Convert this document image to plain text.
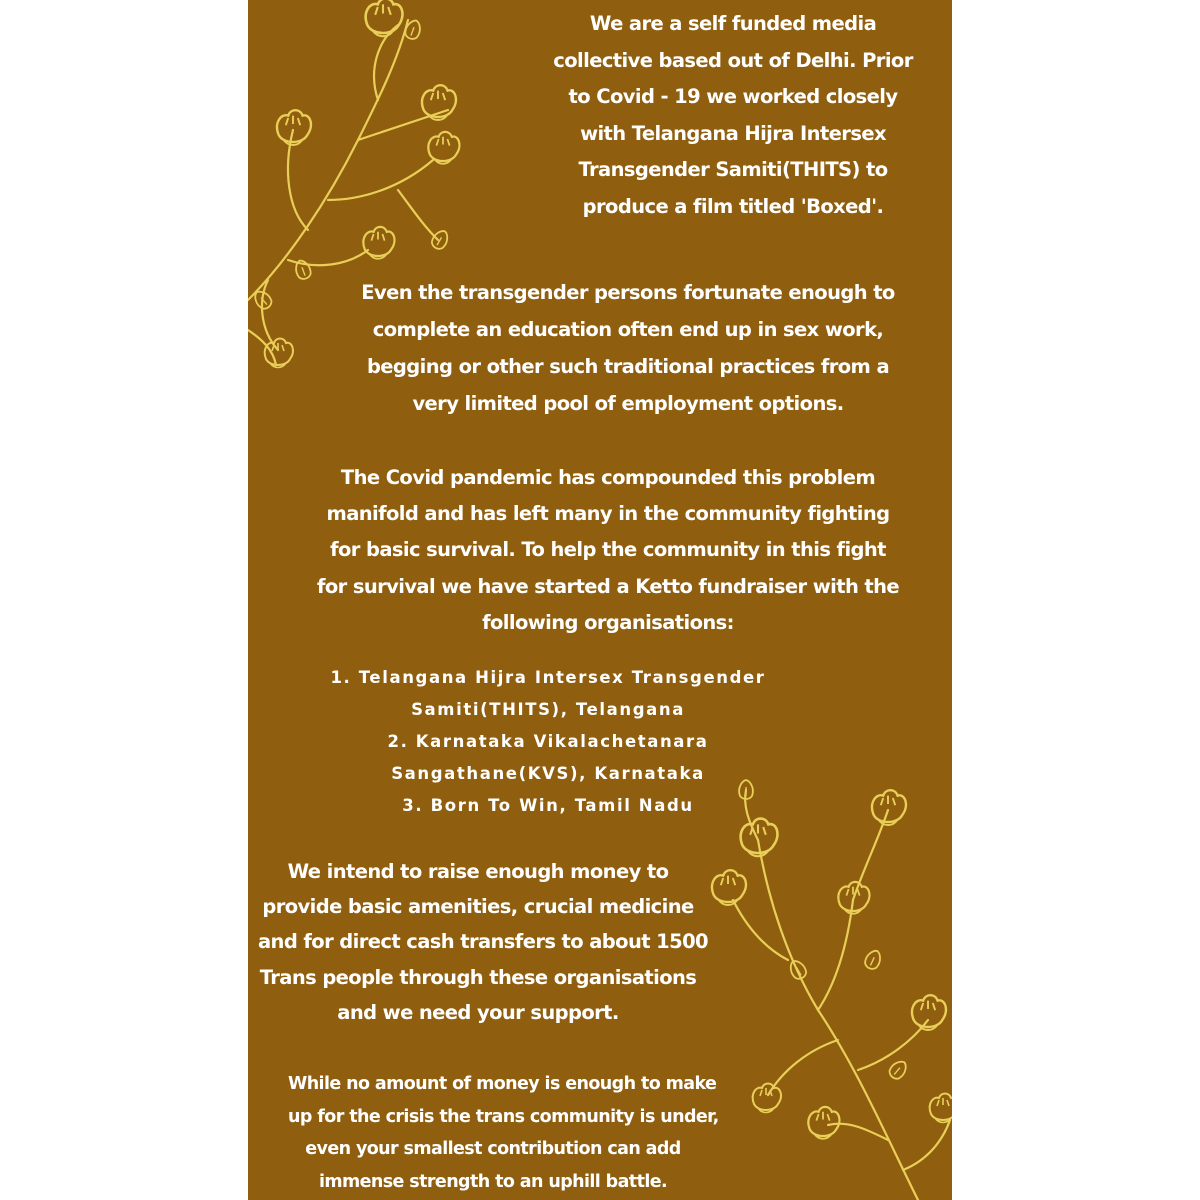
We are a self funded media
collective based out of Delhi. Prior
to Covid - 19 we worked closely
with Telangana Hijra Intersex
Transgender Samiti(THITS) to
produce a film titled 'Boxed'.
Even the transgender persons fortunate enough to
complete an education often end up in sex work,
begging or other such traditional practices from a
very limited pool of employment options.
The Covid pandemic has compounded this problem
manifold and has left many in the community fighting
for basic survival. To help the community in this fight
for survival we have started a Ketto fundraiser with the
following organisations:
1. Telangana Hijra Intersex Transgender
Samiti(THITS), Telangana
2. Karnataka Vikalachetanara
Sangathane(KVS), Karnataka
3. Born To Win, Tamil Nadu
We intend to raise enough money to
provide basic amenities, crucial medicine
and for direct cash transfers to about 1500
Trans people through these organisations
and we need your support.
While no amount of money is enough to make
up for the crisis the trans community is under,
even your smallest contribution can add
immense strength to an uphill battle.
